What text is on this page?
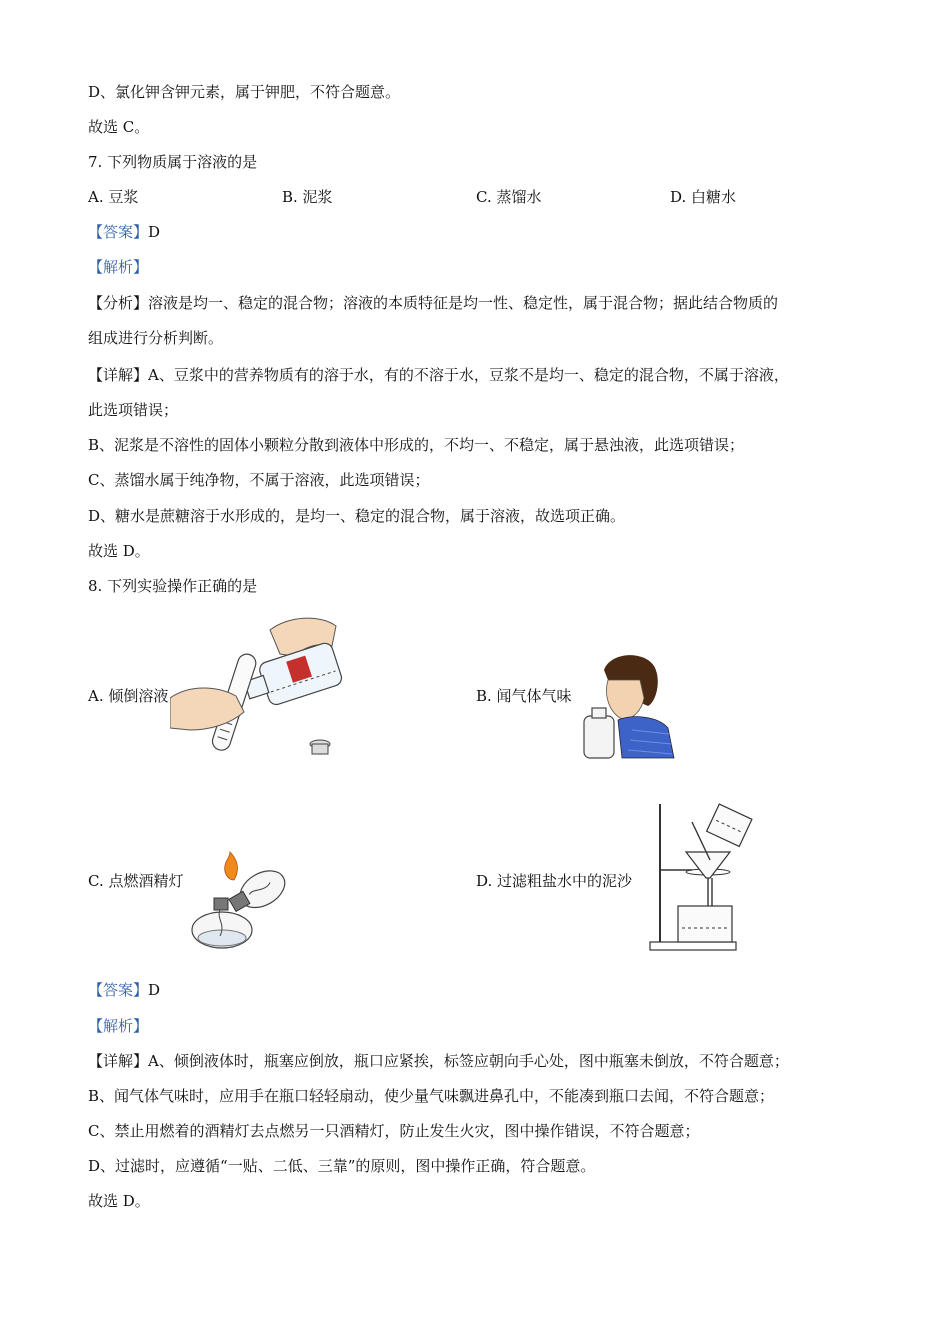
D、氯化钾含钾元素，属于钾肥，不符合题意。
故选 C。
7. 下列物质属于溶液的是
A. 豆浆	B. 泥浆	C. 蒸馏水	D. 白糖水
【答案】D
【解析】
【分析】溶液是均一、稳定的混合物；溶液的本质特征是均一性、稳定性，属于混合物；据此结合物质的
组成进行分析判断。
【详解】A、豆浆中的营养物质有的溶于水，有的不溶于水，豆浆不是均一、稳定的混合物，不属于溶液，
此选项错误；
B、泥浆是不溶性的固体小颗粒分散到液体中形成的，不均一、不稳定，属于悬浊液，此选项错误；
C、蒸馏水属于纯净物，不属于溶液，此选项错误；
D、糖水是蔗糖溶于水形成的，是均一、稳定的混合物，属于溶液，故选项正确。
故选 D。
8. 下列实验操作正确的是
A. 倾倒溶液	B. 闻气体气味
C. 点燃酒精灯	D. 过滤粗盐水中的泥沙
【答案】D
【解析】
【详解】A、倾倒液体时，瓶塞应倒放，瓶口应紧挨，标签应朝向手心处，图中瓶塞未倒放，不符合题意；
B、闻气体气味时，应用手在瓶口轻轻扇动，使少量气味飘进鼻孔中，不能凑到瓶口去闻，不符合题意；
C、禁止用燃着的酒精灯去点燃另一只酒精灯，防止发生火灾，图中操作错误，不符合题意；
D、过滤时，应遵循“一贴、二低、三靠”的原则，图中操作正确，符合题意。
故选 D。
